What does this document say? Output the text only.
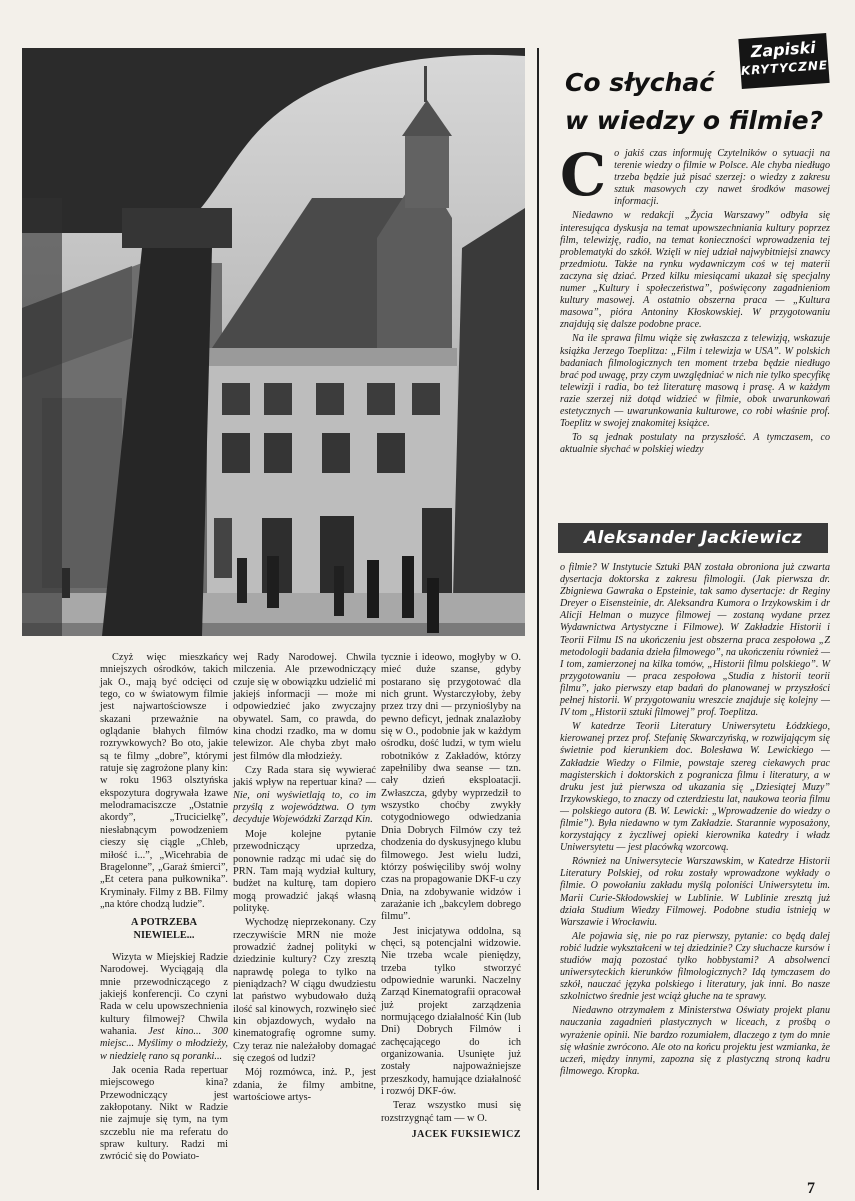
Czyż więc mieszkańcy mniejszych ośrodków, takich jak O., mają być odcięci od tego, co w światowym filmie jest najwartościowsze i skazani przeważnie na oglądanie błahych filmów rozrywkowych? Bo oto, jakie są te filmy „dobre”, którymi ratuje się zagrożone plany kin: w roku 1963 olsztyńska ekspozytura dogrywała łzawe melodramaciszcze „Ostatnie akordy”, „Trucicielkę”, niesłabnącym powodzeniem cieszy się ciągle „Chleb, miłość i...”, „Wicehrabia de Bragelonne”, „Garaż śmierci”, „Et cetera pana pułkownika”. Kryminały. Filmy z BB. Filmy „na które chodzą ludzie”.

A POTRZEBA NIEWIELE...

Wizyta w Miejskiej Radzie Narodowej. Wyciągają dla mnie przewodniczącego z jakiejś konferencji. Co czyni Rada w celu upowszechnienia kultury filmowej? Chwila wahania. Jest kino... 300 miejsc... Myślimy o młodzieży, w niedzielę rano są poranki...

Jak ocenia Rada repertuar miejscowego kina? Przewodniczący jest zakłopotany. Nikt w Radzie nie zajmuje się tym, na tym szczeblu nie ma referatu do spraw kultury. Radzi mi zwrócić się do Powiato-

wej Rady Narodowej. Chwila milczenia. Ale przewodniczący czuje się w obowiązku udzielić mi jakiejś informacji — może mi odpowiedzieć jako zwyczajny obywatel. Sam, co prawda, do kina chodzi rzadko, ma w domu telewizor. Ale chyba zbyt mało jest filmów dla młodzieży.

Czy Rada stara się wywierać jakiś wpływ na repertuar kina? — Nie, oni wyświetlają to, co im przyślą z województwa. O tym decyduje Wojewódzki Zarząd Kin.

Moje kolejne pytanie przewodniczący uprzedza, ponownie radząc mi udać się do PRN. Tam mają wydział kultury, budżet na kulturę, tam dopiero mogą prowadzić jakąś własną politykę.

Wychodzę nieprzekonany. Czy rzeczywiście MRN nie może prowadzić żadnej polityki w dziedzinie kultury? Czy zresztą naprawdę polega to tylko na pieniądzach? W ciągu dwudziestu lat państwo wybudowało dużą ilość sal kinowych, rozwinęło sieć kin objazdowych, wydało na kinematografię ogromne sumy. Czy teraz nie należałoby domagać się czegoś od ludzi?

Mój rozmówca, inż. P., jest zdania, że filmy ambitne, wartościowe artys-

tycznie i ideowo, mogłyby w O. mieć duże szanse, gdyby postarano się przygotować dla nich grunt. Wystarczyłoby, żeby przez trzy dni — przynioślyby na pewno deficyt, jednak znalazłoby się w O., podobnie jak w każdym ośrodku, dość ludzi, w tym wielu robotników z Zakładów, którzy zapełniliby dwa seanse — tzn. cały dzień eksploatacji. Zwłaszcza, gdyby wyprzedził to wszystko choćby zwykły cotygodniowego odwiedzania Dnia Dobrych Filmów czy też chodzenia do dyskusyjnego klubu filmowego. Jest wielu ludzi, którzy poświęciliby swój wolny czas na propagowanie DKF-u czy Dnia, na zdobywanie widzów i zarażanie ich „bakcylem dobrego filmu”.

Jest inicjatywa oddolna, są chęci, są potencjalni widzowie. Nie trzeba wcale pieniędzy, trzeba tylko stworzyć odpowiednie warunki. Naczelny Zarząd Kinematografii opracował już projekt zarządzenia normującego działalność Kin (lub Dni) Dobrych Filmów i zachęcającego do ich organizowania. Usunięte już zostały najpoważniejsze przeszkody, hamujące działalność i rozwój DKF-ów.

Teraz wszystko musi się rozstrzygnąć tam — w O.

JACEK FUKSIEWICZ

Zapiski
KRYTYCZNE
Co słychać
w wiedzy o filmie?

Co jakiś czas informuję Czytelników o sytuacji na terenie wiedzy o filmie w Polsce. Ale chyba niedługo trzeba będzie już pisać szerzej: o wiedzy z zakresu sztuk masowych czy nawet środków masowej informacji.

Niedawno w redakcji „Życia Warszawy” odbyła się interesująca dyskusja na temat upowszechniania kultury poprzez film, telewizję, radio, na temat konieczności wprowadzenia tej problematyki do szkół. Wzięli w niej udział najwybitniejsi znawcy przedmiotu. Także na rynku wydawniczym coś w tej materii zaczyna się dziać. Przed kilku miesiącami ukazał się specjalny numer „Kultury i społeczeństwa”, poświęcony zagadnieniom kultury masowej. A ostatnio obszerna praca — „Kultura masowa”, pióra Antoniny Kłoskowskiej. W przygotowaniu znajdują się dalsze podobne prace.

Na ile sprawa filmu wiąże się zwłaszcza z telewizją, wskazuje książka Jerzego Toeplitza: „Film i telewizja w USA”. W polskich badaniach filmologicznych ten moment trzeba będzie niedługo brać pod uwagę, przy czym uwzględniać w nich nie tylko specyfikę telewizji i radia, bo też literaturę masową i prasę. A w każdym razie szerzej niż dotąd widzieć w filmie, obok uwarunkowań estetycznych — uwarunkowania kulturowe, co robi właśnie prof. Toeplitz w swojej znakomitej książce.

To są jednak postulaty na przyszłość. A tymczasem, co aktualnie słychać w polskiej wiedzy

Aleksander Jackiewicz

o filmie? W Instytucie Sztuki PAN została obroniona już czwarta dysertacja doktorska z zakresu filmologii. (Jak pierwsza dr. Zbigniewa Gawraka o Epsteinie, tak samo dysertacje: dr Reginy Dreyer o Eisensteinie, dr. Aleksandra Kumora o Irzykowskim i dr Alicji Helman o muzyce filmowej — zostaną wydane przez Wydawnictwa Artystyczne i Filmowe). W Zakładzie Historii i Teorii Filmu IS na ukończeniu jest obszerna praca zespołowa „Z metodologii badania dzieła filmowego”, na ukończeniu również — I tom, zamierzonej na kilka tomów, „Historii filmu polskiego”. W przygotowaniu — praca zespołowa „Studia z historii teorii filmu”, jako pierwszy etap badań do planowanej w przyszłości pełnej historii. W przygotowaniu wreszcie znajduje się kolejny — IV tom „Historii sztuki filmowej” prof. Toeplitza.

W katedrze Teorii Literatury Uniwersytetu Łódzkiego, kierowanej przez prof. Stefanię Skwarczyńską, w rozwijającym się świetnie pod kierunkiem doc. Bolesława W. Lewickiego — Zakładzie Wiedzy o Filmie, powstaje szereg ciekawych prac magisterskich i doktorskich z pogranicza filmu i literatury, a w druku jest już pierwsza od ukazania się „Dziesiątej Muzy” Irzykowskiego, to znaczy od czterdziestu lat, naukowa teoria filmu — polskiego autora (B. W. Lewicki: „Wprowadzenie do wiedzy o filmie”). Była niedawno w tym Zakładzie. Starannie wyposażony, korzystający z życzliwej opieki kierownika katedry i władz Uniwersytetu — jest placówką wzorcową.

Również na Uniwersytecie Warszawskim, w Katedrze Historii Literatury Polskiej, od roku zostały wprowadzone wykłady o filmie. O powołaniu zakładu myślą poloniści Uniwersytetu im. Marii Curie-Skłodowskiej w Lublinie. W Lublinie zresztą już działa Studium Wiedzy Filmowej. Podobne studia istnieją w Warszawie i Wrocławiu.

Ale pojawia się, nie po raz pierwszy, pytanie: co będą dalej robić ludzie wykształceni w tej dziedzinie? Czy słuchacze kursów i studiów mają pozostać tylko hobbystami? A absolwenci uniwersyteckich kierunków filmologicznych? Idą tymczasem do szkół, nauczać języka polskiego i literatury, jak inni. Bo nasze szkolnictwo średnie jest wciąż głuche na te sprawy.

Niedawno otrzymałem z Ministerstwa Oświaty projekt planu nauczania zagadnień plastycznych w liceach, z prośbą o wyrażenie opinii. Nie bardzo rozumiałem, dlaczego z tym do mnie się właśnie zwrócono. Ale oto na końcu projektu jest wzmianka, że uczeń, między innymi, zapozna się z plastyczną stroną kadru filmowego. Kropka.

7
